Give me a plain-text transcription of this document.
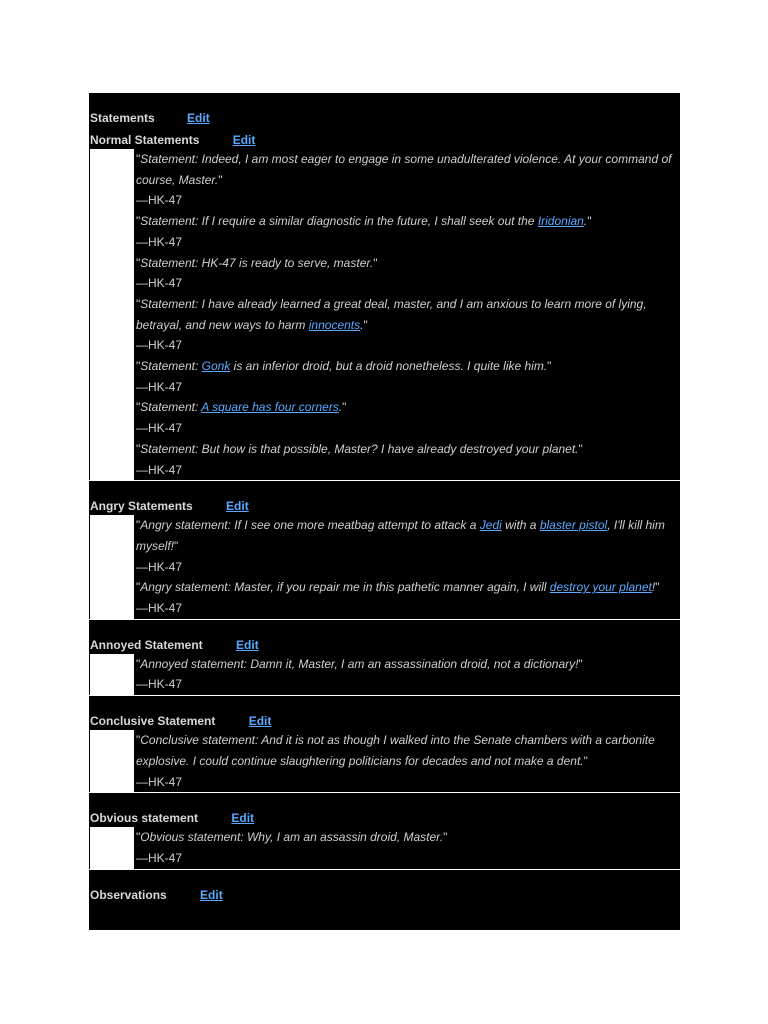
Statements	Edit
Normal Statements	Edit
"Statement: Indeed, I am most eager to engage in some unadulterated violence. At your command of course, Master."
—HK-47
"Statement: If I require a similar diagnostic in the future, I shall seek out the Iridonian."
—HK-47
"Statement: HK-47 is ready to serve, master."
—HK-47
"Statement: I have already learned a great deal, master, and I am anxious to learn more of lying, betrayal, and new ways to harm innocents."
—HK-47
"Statement: Gonk is an inferior droid, but a droid nonetheless. I quite like him."
—HK-47
"Statement: A square has four corners."
—HK-47
"Statement: But how is that possible, Master? I have already destroyed your planet."
—HK-47
Angry Statements	Edit
"Angry statement: If I see one more meatbag attempt to attack a Jedi with a blaster pistol, I'll kill him myself!"
—HK-47
"Angry statement: Master, if you repair me in this pathetic manner again, I will destroy your planet!"
—HK-47
Annoyed Statement	Edit
"Annoyed statement: Damn it, Master, I am an assassination droid, not a dictionary!"
—HK-47
Conclusive Statement	Edit
"Conclusive statement: And it is not as though I walked into the Senate chambers with a carbonite explosive. I could continue slaughtering politicians for decades and not make a dent."
—HK-47
Obvious statement	Edit
"Obvious statement: Why, I am an assassin droid, Master."
—HK-47
Observations	Edit
